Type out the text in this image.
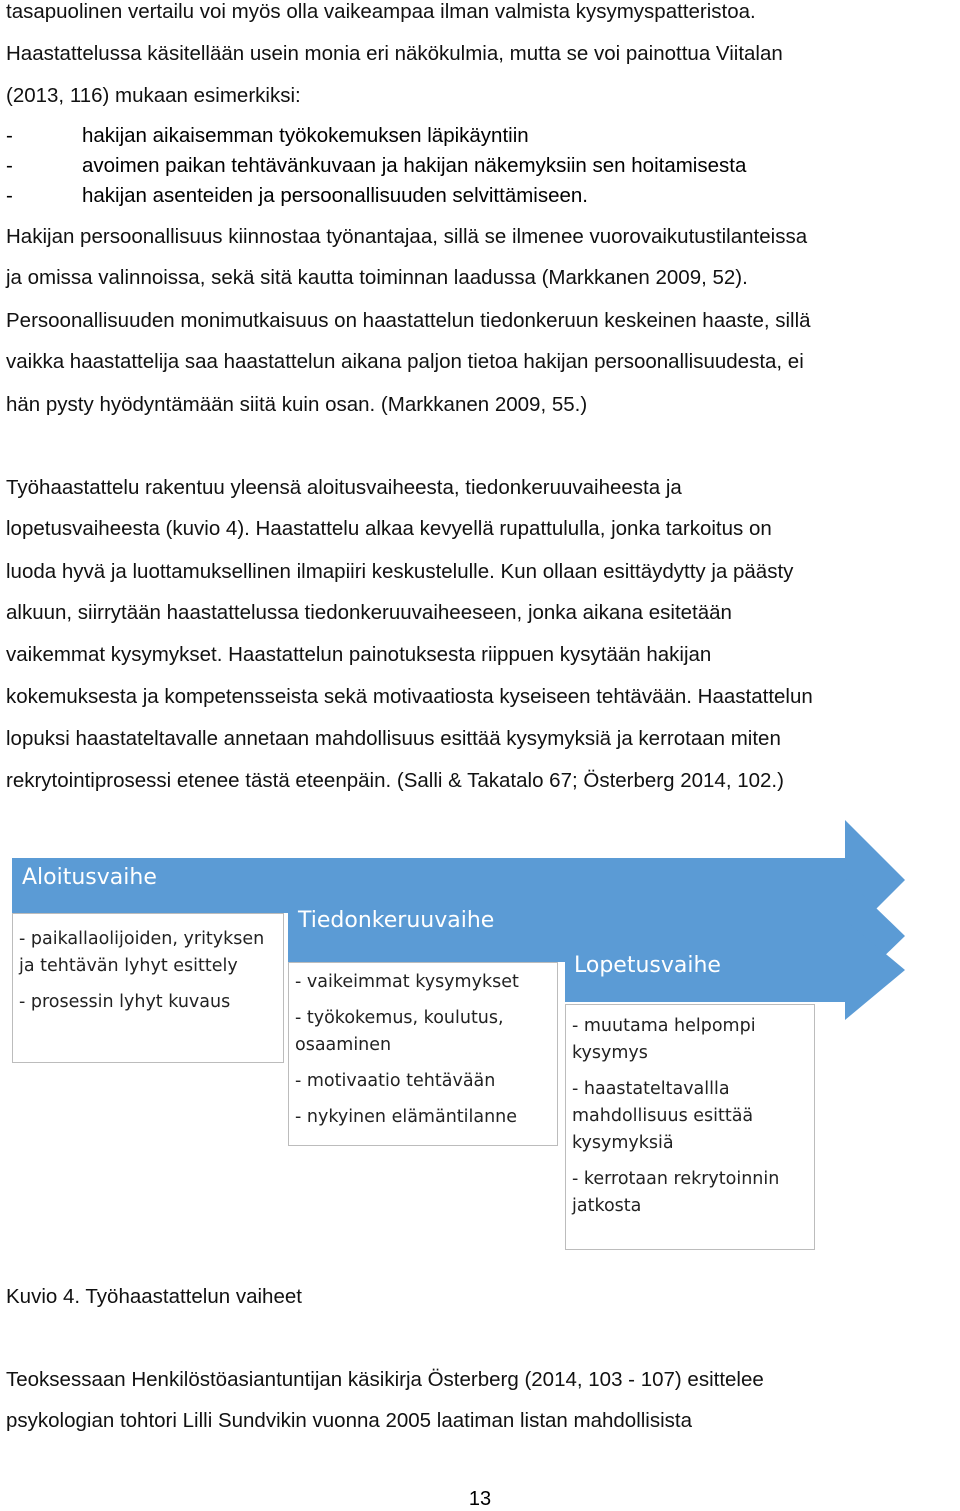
tasapuolinen vertailu voi myös olla vaikeampaa ilman valmista kysymyspatteristoa.
Haastattelussa käsitellään usein monia eri näkökulmia, mutta se voi painottua Viitalan
(2013, 116) mukaan esimerkiksi:
-	hakijan aikaisemman työkokemuksen läpikäyntiin
-	avoimen paikan tehtävänkuvaan ja hakijan näkemyksiin sen hoitamisesta
-	hakijan asenteiden ja persoonallisuuden selvittämiseen.
Hakijan persoonallisuus kiinnostaa työnantajaa, sillä se ilmenee vuorovaikutustilanteissa
ja omissa valinnoissa, sekä sitä kautta toiminnan laadussa (Markkanen 2009, 52).
Persoonallisuuden monimutkaisuus on haastattelun tiedonkeruun keskeinen haaste, sillä
vaikka haastattelija saa haastattelun aikana paljon tietoa hakijan persoonallisuudesta, ei
hän pysty hyödyntämään siitä kuin osan. (Markkanen 2009, 55.)
Työhaastattelu rakentuu yleensä aloitusvaiheesta, tiedonkeruuvaiheesta ja
lopetusvaiheesta (kuvio 4). Haastattelu alkaa kevyellä rupattululla, jonka tarkoitus on
luoda hyvä ja luottamuksellinen ilmapiiri keskustelulle. Kun ollaan esittäydytty ja päästy
alkuun, siirrytään haastattelussa tiedonkeruuvaiheeseen, jonka aikana esitetään
vaikemmat kysymykset. Haastattelun painotuksesta riippuen kysytään hakijan
kokemuksesta ja kompetensseista sekä motivaatiosta kyseiseen tehtävään. Haastattelun
lopuksi haastateltavalle annetaan mahdollisuus esittää kysymyksiä ja kerrotaan miten
rekrytointiprosessi etenee tästä eteenpäin. (Salli & Takatalo 67; Österberg 2014, 102.)
Aloitusvaihe
Tiedonkeruuvaihe
Lopetusvaihe

- paikallaolijoiden, yrityksen ja tehtävän lyhyt esittely

- prosessin lyhyt kuvaus

- vaikeimmat kysymykset

- työkokemus, koulutus, osaaminen

- motivaatio tehtävään

- nykyinen elämäntilanne

- muutama helpompi kysymys

- haastateltavallla mahdollisuus esittää kysymyksiä

- kerrotaan rekrytoinnin jatkosta

Kuvio 4. Työhaastattelun vaiheet
Teoksessaan Henkilöstöasiantuntijan käsikirja Österberg (2014, 103 - 107) esittelee
psykologian tohtori Lilli Sundvikin vuonna 2005 laatiman listan mahdollisista
13
